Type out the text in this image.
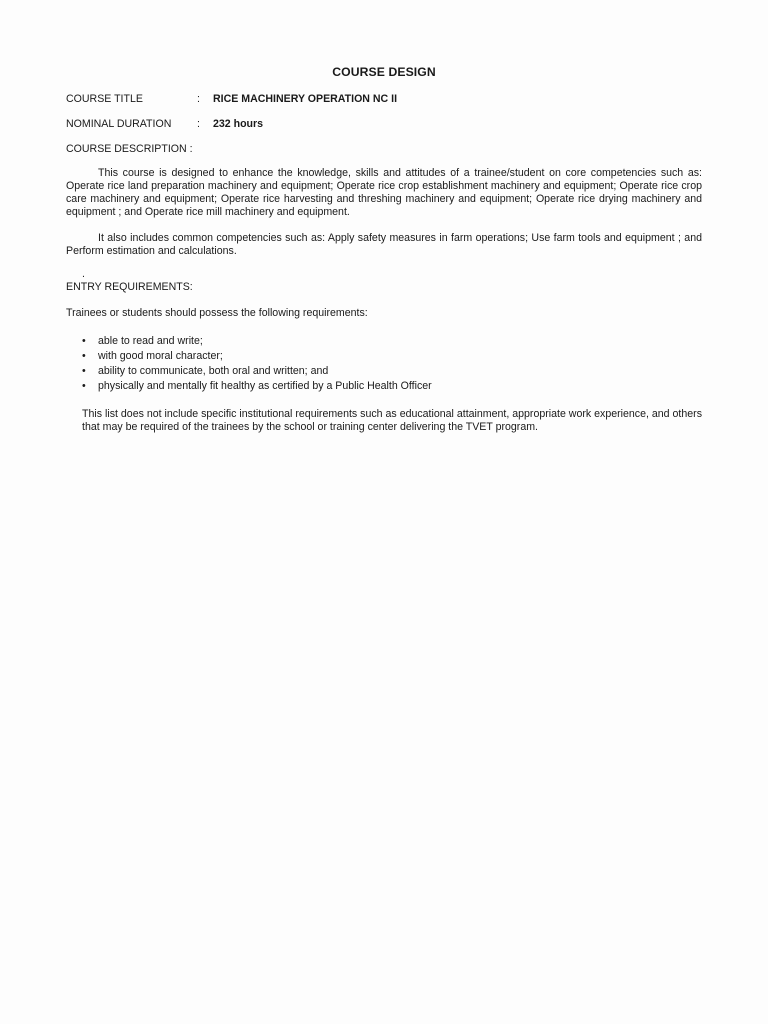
COURSE DESIGN
COURSE TITLE	: RICE MACHINERY OPERATION NC II
NOMINAL DURATION : 232 hours
COURSE DESCRIPTION :

This course is designed to enhance the knowledge, skills and attitudes of a trainee/student on core competencies such as: Operate rice land preparation machinery and equipment; Operate rice crop establishment machinery and equipment; Operate rice crop care machinery and equipment; Operate rice harvesting and threshing machinery and equipment; Operate rice drying machinery and equipment ; and Operate rice mill machinery and equipment.

It also includes common competencies such as: Apply safety measures in farm operations; Use farm tools and equipment ; and Perform estimation and calculations.

.
ENTRY REQUIREMENTS:
Trainees or students should possess the following requirements:
• able to read and write;
• with good moral character;
• ability to communicate, both oral and written; and
• physically and mentally fit healthy as certified by a Public Health Officer

This list does not include specific institutional requirements such as educational attainment, appropriate work experience, and others that may be required of the trainees by the school or training center delivering the TVET program.
